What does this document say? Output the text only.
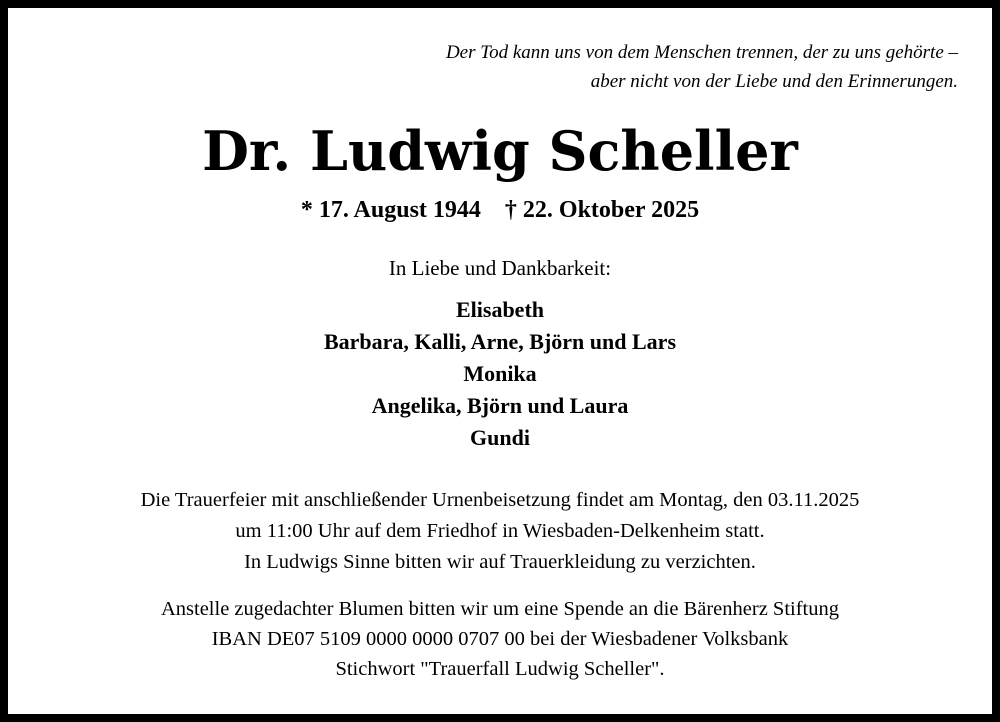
Der Tod kann uns von dem Menschen trennen, der zu uns gehörte –
aber nicht von der Liebe und den Erinnerungen.
Dr. Ludwig Scheller
* 17. August 1944 † 22. Oktober 2025
In Liebe und Dankbarkeit:
Elisabeth
Barbara, Kalli, Arne, Björn und Lars
Monika
Angelika, Björn und Laura
Gundi
Die Trauerfeier mit anschließender Urnenbeisetzung findet am Montag, den 03.11.2025
um 11:00 Uhr auf dem Friedhof in Wiesbaden-Delkenheim statt.
In Ludwigs Sinne bitten wir auf Trauerkleidung zu verzichten.
Anstelle zugedachter Blumen bitten wir um eine Spende an die Bärenherz Stiftung
IBAN DE07 5109 0000 0000 0707 00 bei der Wiesbadener Volksbank
Stichwort "Trauerfall Ludwig Scheller".
